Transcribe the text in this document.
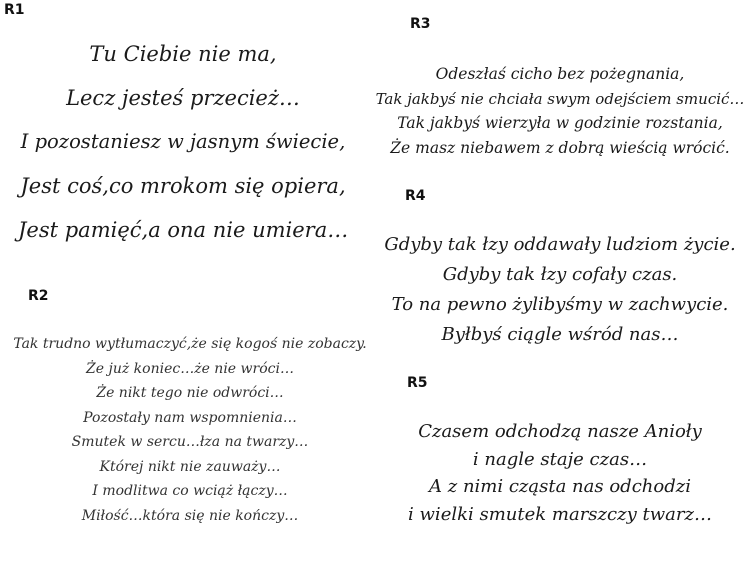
R1
Tu Ciebie nie ma,
Lecz jesteś przecież…
I pozostaniesz w jasnym świecie,
Jest coś,co mrokom się opiera,
Jest pamięć,a ona nie umiera…
R2
Tak trudno wytłumaczyć,że się kogoś nie zobaczy.
Że już koniec…że nie wróci…
Że nikt tego nie odwróci…
Pozostały nam wspomnienia…
Smutek w sercu…łza na twarzy…
Której nikt nie zauważy…
I modlitwa co wciąż łączy…
Miłość…która się nie kończy…
R3
Odeszłaś cicho bez pożegnania,
Tak jakbyś nie chciała swym odejściem smucić…
Tak jakbyś wierzyła w godzinie rozstania,
Że masz niebawem z dobrą wieścią wrócić.
R4
Gdyby tak łzy oddawały ludziom życie.
Gdyby tak łzy cofały czas.
To na pewno żylibyśmy w zachwycie.
Byłbyś ciągle wśród nas…
R5
Czasem odchodzą nasze Anioły
i nagle staje czas…
A z nimi cząsta nas odchodzi
i wielki smutek marszczy twarz…
